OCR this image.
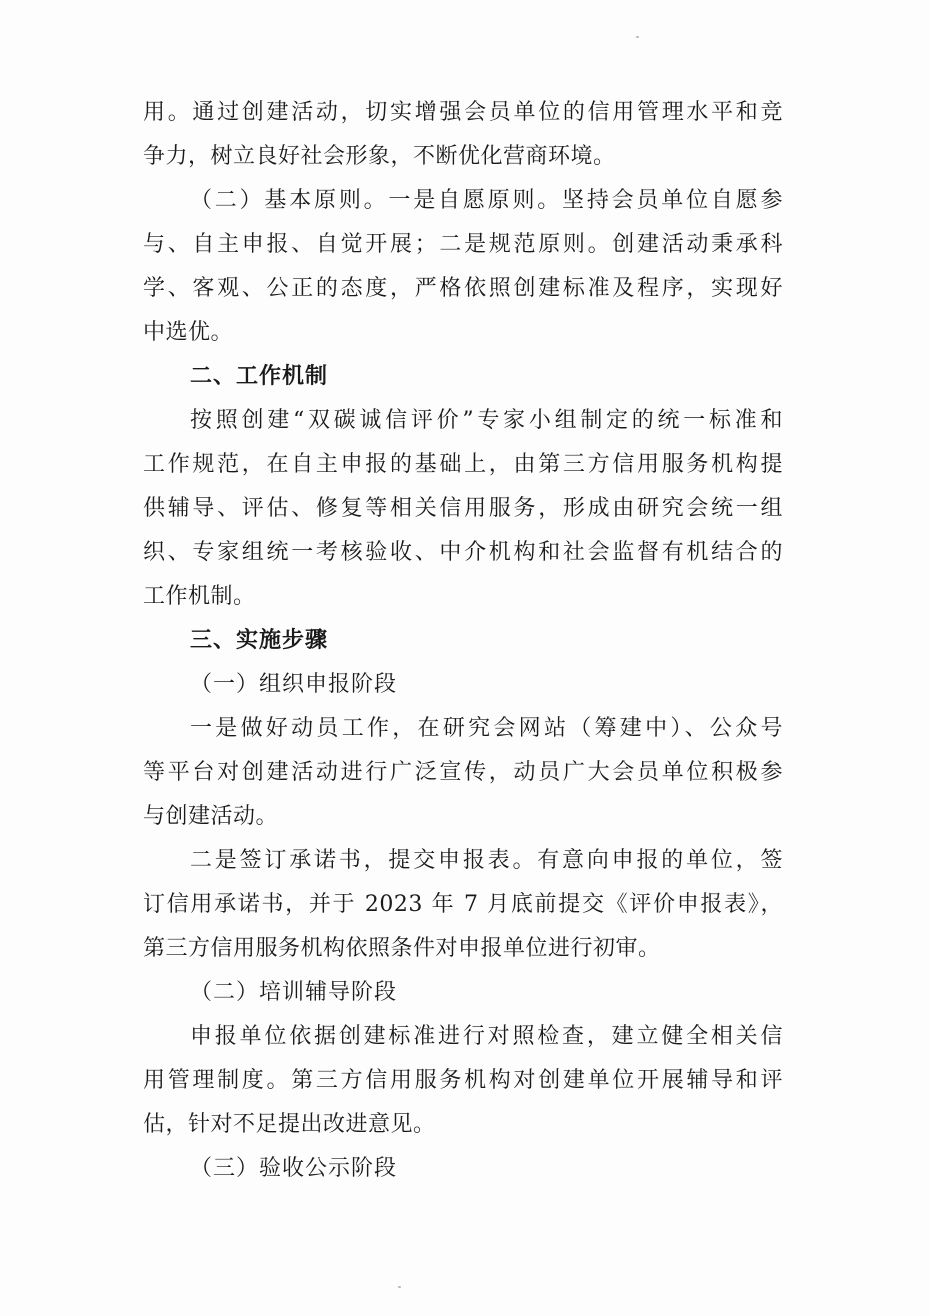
用。通过创建活动，切实增强会员单位的信用管理水平和竞
争力，树立良好社会形象，不断优化营商环境。
（二）基本原则。一是自愿原则。坚持会员单位自愿参
与、自主申报、自觉开展；二是规范原则。创建活动秉承科
学、客观、公正的态度，严格依照创建标准及程序，实现好
中选优。
二、工作机制
按照创建“双碳诚信评价”专家小组制定的统一标准和
工作规范，在自主申报的基础上，由第三方信用服务机构提
供辅导、评估、修复等相关信用服务，形成由研究会统一组
织、专家组统一考核验收、中介机构和社会监督有机结合的
工作机制。
三、实施步骤
（一）组织申报阶段
一是做好动员工作，在研究会网站（筹建中）、公众号
等平台对创建活动进行广泛宣传，动员广大会员单位积极参
与创建活动。
二是签订承诺书，提交申报表。有意向申报的单位，签
订信用承诺书，并于 2023 年 7 月底前提交《评价申报表》，
第三方信用服务机构依照条件对申报单位进行初审。
（二）培训辅导阶段
申报单位依据创建标准进行对照检查，建立健全相关信
用管理制度。第三方信用服务机构对创建单位开展辅导和评
估，针对不足提出改进意见。
（三）验收公示阶段
